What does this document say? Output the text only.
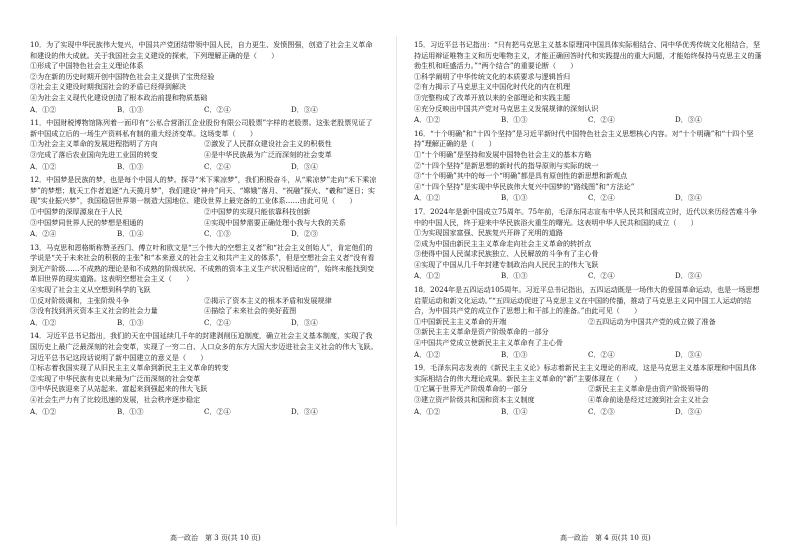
10．为了实现中华民族伟大复兴，中国共产党团结带领中国人民，自力更生、发愤图强，创造了社会主义革命和建设的伟大成就。关于我国社会主义建设的探索，下列理解正确的是（　　）
①形成了中国特色社会主义理论体系
②为在新的历史时期开创中国特色社会主义提供了宝贵经验
③社会主义建设时期我国社会的矛盾已经得到解决
④为社会主义现代化建设创造了根本政治前提和物质基础
A．①②	B．①③	C．②④	D．③④
11．中国财税博物馆陈列着一面印有“公私合营浙江企业股份有限公司股票”字样的老股票。这张老股票见证了新中国成立后的一场生产资料私有制的重大经济变革。这场变革（　　）
①为社会主义革命的发展进程指明了方向	②激发了人民群众建设社会主义的积极性
③完成了落后农业国向先进工业国的转变	④是中华民族最为广泛而深刻的社会变革
A．①②	B．①③	C．②④	D．③④
12．中国梦是民族的梦，也是每个中国人的梦。探寻“米下乘凉梦”，我们积极奋斗，从“乘凉梦”走向“禾下乘凉梦”的梦想；航天工作者追逐“九天揽月梦”，我们建设“神舟”问天、“嫦娥”落月、“祝融”探火、“羲和”逐日；实现“实业振兴梦”，我国稳居世界第一制造大国地位、建设世界上最完备的工业体系……由此可见（　　）
①中国梦的深厚源泉在于人民	②中国梦的实现只能依靠科技创新
③中国梦同世界人民的梦想是相通的	④实现中国梦需要正确处理小我与大我的关系
A．②④	B．①④	C．①③	D．②③
13．马克思和恩格斯称赞圣西门、傅立叶和欧文是“三个伟大的空想主义者”和“社会主义创始人”，肯定他们的学说是“关于未来社会的积极的主张”和“本来意义的社会主义和共产主义的体系”，但是空想社会主义者“没有看到无产阶级……不成熟的理论是和不成熟的阶级状况、不成熟的资本主义生产状况相适应的”，始终未能找到变革旧世界的现实道路。这表明空想社会主义（　　）
④实现了社会主义从空想到科学的飞跃
①反对阶级调和，主张阶级斗争	②揭示了资本主义的根本矛盾和发展规律
③没有找到消灭资本主义社会的社会力量	④描绘了未来社会的美好蓝图
A．①②	B．①③	C．②④	D．③④
14．习近平总书记指出，我们的天在中国延续几千年的封建剥削压迫制度，确立社会主义基本制度，实现了我国历史上最广泛最深刻的社会变革，实现了一穷二白、人口众多的东方大国大步迈进社会主义社会的伟大飞跃。习近平总书记这段话说明了新中国建立的意义是（　　）
①标志着我国实现了从旧民主主义革命到新民主主义革命的转变
②实现了中华民族有史以来最为广泛而深刻的社会变革
③中华民族迎来了从站起来、富起来到强起来的伟大飞跃
④社会生产力有了比较迅速的发展，社会秩序逐步稳定
A．①②	B．①③	C．②④	D．③④
15．习近平总书记指出：“只有把马克思主义基本原理同中国具体实际相结合、同中华优秀传统文化相结合，坚持运用辩证唯物主义和历史唯物主义，才能正确回答时代和实践提出的重大问题，才能始终保持马克思主义的蓬勃生机和旺盛活力。”“两个结合”的重要论断（　　）
①科学阐明了中华传统文化的本质要求与逻辑旨归
②有力揭示了马克思主义中国化时代化的内在机理
③完整构成了改革开放以来的全部理论和实践主题
④充分反映出中国共产党对马克思主义发展规律的深刻认识
A．①②	B．①③	C．②④	D．③④
16．“十个明确”和“十四个坚持”是习近平新时代中国特色社会主义思想核心内容。对“十个明确”和“十四个坚持”理解正确的是（　　）
①“十个明确”是坚持和发展中国特色社会主义的基本方略
②“十四个坚持”是新思想的新时代的指导原则与实际的统一
③“十个明确”其中的每一个“明确”都是具有原创性的新思想和新观点
④“十四个坚持”是实现中华民族伟大复兴中国梦的“路线图”和“方法论”
A．①②	B．①③	C．②④	D．③④
17．2024年是新中国成立75周年。75年前，毛泽东同志宣布中华人民共和国成立时，近代以来历经苦难斗争中的中国人民，终于迎来中华民族浴火重生的曙光。这表明中华人民共和国的成立（　　）
①为实现国家富强、民族复兴开辟了光明的道路
②成为中国由新民主主义革命走向社会主义革命的转折点
③使得中国人民谋求民族独立、人民解放的斗争有了主心骨
④实现了中国从几千年封建专制政治向人民民主的伟大飞跃
A．①②	B．①③	C．②④	D．③④
18．2024年是五四运动105周年。习近平总书记指出，五四运动既是一场伟大的爱国革命运动，也是一场思想启蒙运动和新文化运动。”“五四运动促进了马克思主义在中国的传播，推动了马克思主义同中国工人运动的结合，为中国共产党的成立作了思想上和干部上的准备。”由此可见（　　）
①中国新民主主义革命的开端	②五四运动为中国共产党的成立做了准备
③新民主主义革命是资产阶级革命的一部分
④中国共产党成立使新民主主义革命有了主心骨
A．①②	B．①③	C．②④	D．③④
19．毛泽东同志发表的《新民主主义论》标志着新民主主义理论的形成，这是马克思主义基本原理和中国具体实际相结合的伟大理论成果。新民主主义革命的“新”主要体现在（　　）
①它属于世界无产阶级革命的一部分	②新民主主义革命是由资产阶级领导的
③建立资产阶级共和国和资本主义制度	④革命前途是经过过渡到社会主义社会
A．①②	B．①④	C．②③	D．③④
高一政治　第 3 页(共 10 页)	高一政治　第 4 页(共 10 页)
